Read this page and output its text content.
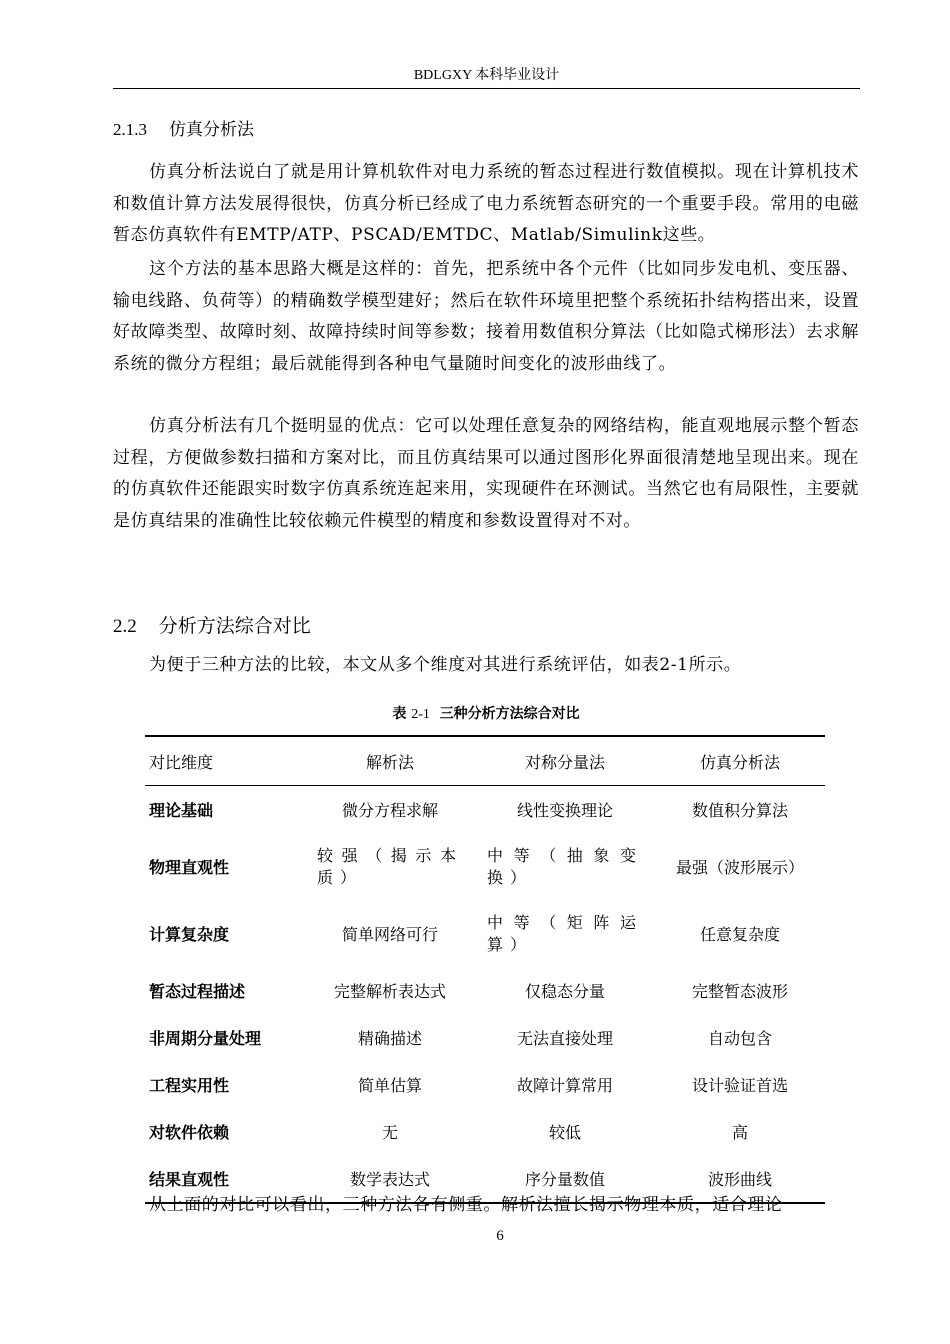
BDLGXY 本科毕业设计
2.1.3 仿真分析法

仿真分析法说白了就是用计算机软件对电力系统的暂态过程进行数值模拟。现在计算机技术和数值计算方法发展得很快，仿真分析已经成了电力系统暂态研究的一个重要手段。常用的电磁暂态仿真软件有EMTP/ATP、PSCAD/EMTDC、Matlab/Simulink这些。

这个方法的基本思路大概是这样的：首先，把系统中各个元件（比如同步发电机、变压器、输电线路、负荷等）的精确数学模型建好；然后在软件环境里把整个系统拓扑结构搭出来，设置好故障类型、故障时刻、故障持续时间等参数；接着用数值积分算法（比如隐式梯形法）去求解系统的微分方程组；最后就能得到各种电气量随时间变化的波形曲线了。

仿真分析法有几个挺明显的优点：它可以处理任意复杂的网络结构，能直观地展示整个暂态过程，方便做参数扫描和方案对比，而且仿真结果可以通过图形化界面很清楚地呈现出来。现在的仿真软件还能跟实时数字仿真系统连起来用，实现硬件在环测试。当然它也有局限性，主要就是仿真结果的准确性比较依赖元件模型的精度和参数设置得对不对。

2.2 分析方法综合对比

为便于三种方法的比较，本文从多个维度对其进行系统评估，如表2-1所示。

表 2-1 三种分析方法综合对比
对比维度	解析法	对称分量法	仿真分析法
理论基础	微分方程求解	线性变换理论	数值积分算法
物理直观性	较强（揭示本质）	中等（抽象变换）	最强（波形展示）
计算复杂度	简单网络可行	中等（矩阵运算）	任意复杂度
暂态过程描述	完整解析表达式	仅稳态分量	完整暂态波形
非周期分量处理	精确描述	无法直接处理	自动包含
工程实用性	简单估算	故障计算常用	设计验证首选
对软件依赖	无	较低	高
结果直观性	数学表达式	序分量数值	波形曲线

从上面的对比可以看出，三种方法各有侧重。解析法擅长揭示物理本质，适合理论

6
